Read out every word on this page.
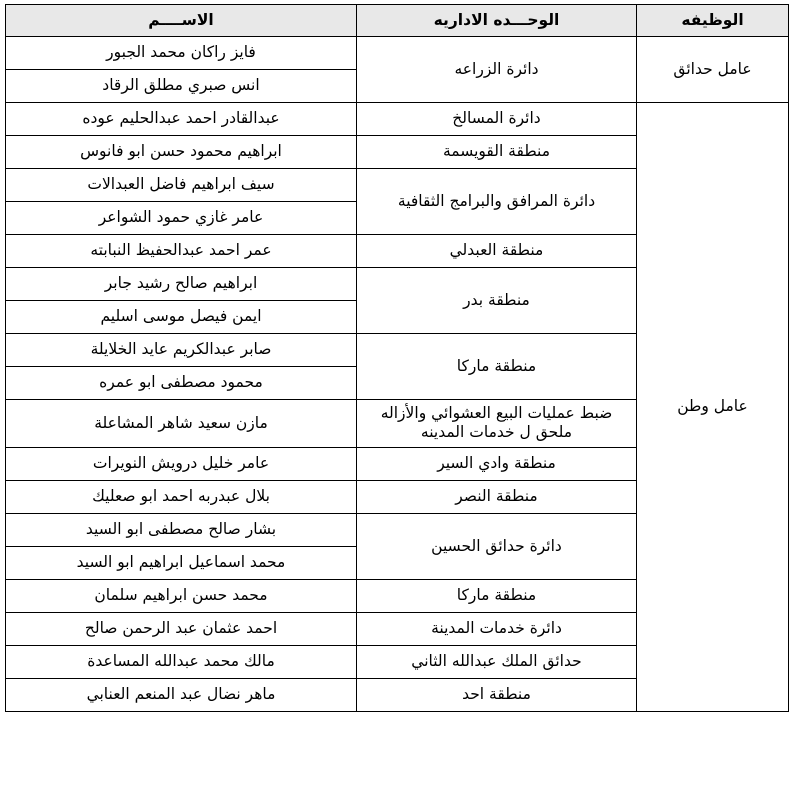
الوظيفه	الوحـــده الاداريه	الاســــم
عامل حدائق	دائرة الزراعه	فايز راكان محمد الجبور
		انس صبري مطلق الرقاد
عامل وطن	دائرة المسالخ	عبدالقادر احمد عبدالحليم عوده
	منطقة القويسمة	ابراهيم محمود حسن ابو فانوس
	دائرة المرافق والبرامج الثقافية	سيف ابراهيم فاضل العبدالات
		عامر غازي حمود الشواعر
	منطقة العبدلي	عمر احمد عبدالحفيظ النبابته
	منطقة بدر	ابراهيم صالح رشيد جابر
		ايمن فيصل موسى اسليم
	منطقة ماركا	صابر عبدالكريم عايد الخلايلة
		محمود مصطفى ابو عمره
	ضبط عمليات البيع العشوائي والأزاله ملحق ل خدمات المدينه	مازن سعيد شاهر المشاعلة
	منطقة وادي السير	عامر خليل درويش النويرات
	منطقة النصر	بلال عبدربه احمد ابو صعليك
	دائرة حدائق الحسين	بشار صالح مصطفى ابو السيد
		محمد اسماعيل ابراهيم ابو السيد
	منطقة ماركا	محمد حسن ابراهيم سلمان
	دائرة خدمات المدينة	احمد عثمان عبد الرحمن صالح
	حدائق الملك عبدالله الثاني	مالك محمد عبدالله المساعدة
	منطقة احد	ماهر نضال عبد المنعم العنابي
